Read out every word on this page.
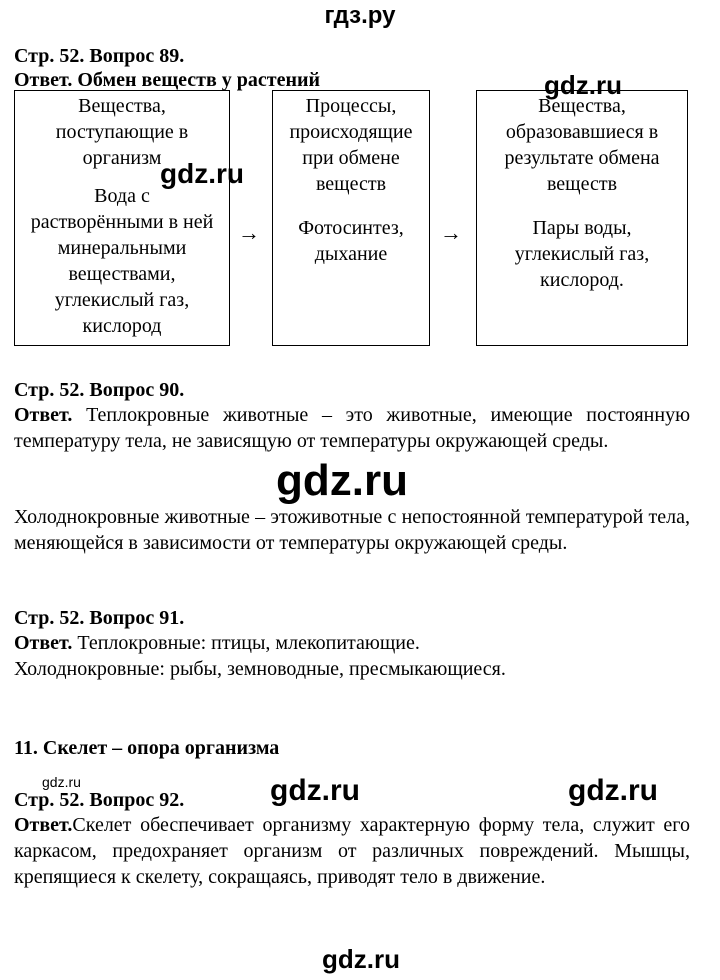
гдз.ру
Стр. 52. Вопрос 89.
Ответ. Обмен веществ у растений
Вещества,
поступающие в
организм
Вода с
растворёнными в ней
минеральными
веществами,
углекислый газ,
кислород
→
Процессы,
происходящие
при обмене
веществ
Фотосинтез,
дыхание
→
Вещества,
образовавшиеся в
результате обмена
веществ
Пары воды,
углекислый газ,
кислород.
Стр. 52. Вопрос 90.
Ответ. Теплокровные животные – это животные, имеющие постоянную температуру тела, не зависящую от температуры окружающей среды.
Холоднокровные животные – этоживотные с непостоянной температурой тела, меняющейся в зависимости от температуры окружающей среды.
Стр. 52. Вопрос 91.
Ответ. Теплокровные: птицы, млекопитающие.
Холоднокровные: рыбы, земноводные, пресмыкающиеся.
11. Скелет – опора организма
Стр. 52. Вопрос 92.
Ответ.Скелет обеспечивает организму характерную форму тела, служит его каркасом, предохраняет организм от различных повреждений. Мышцы, крепящиеся к скелету, сокращаясь, приводят тело в движение.
gdz.ru
gdz.ru
gdz.ru
gdz.ru	gdz.ru	gdz.ru
gdz.ru
